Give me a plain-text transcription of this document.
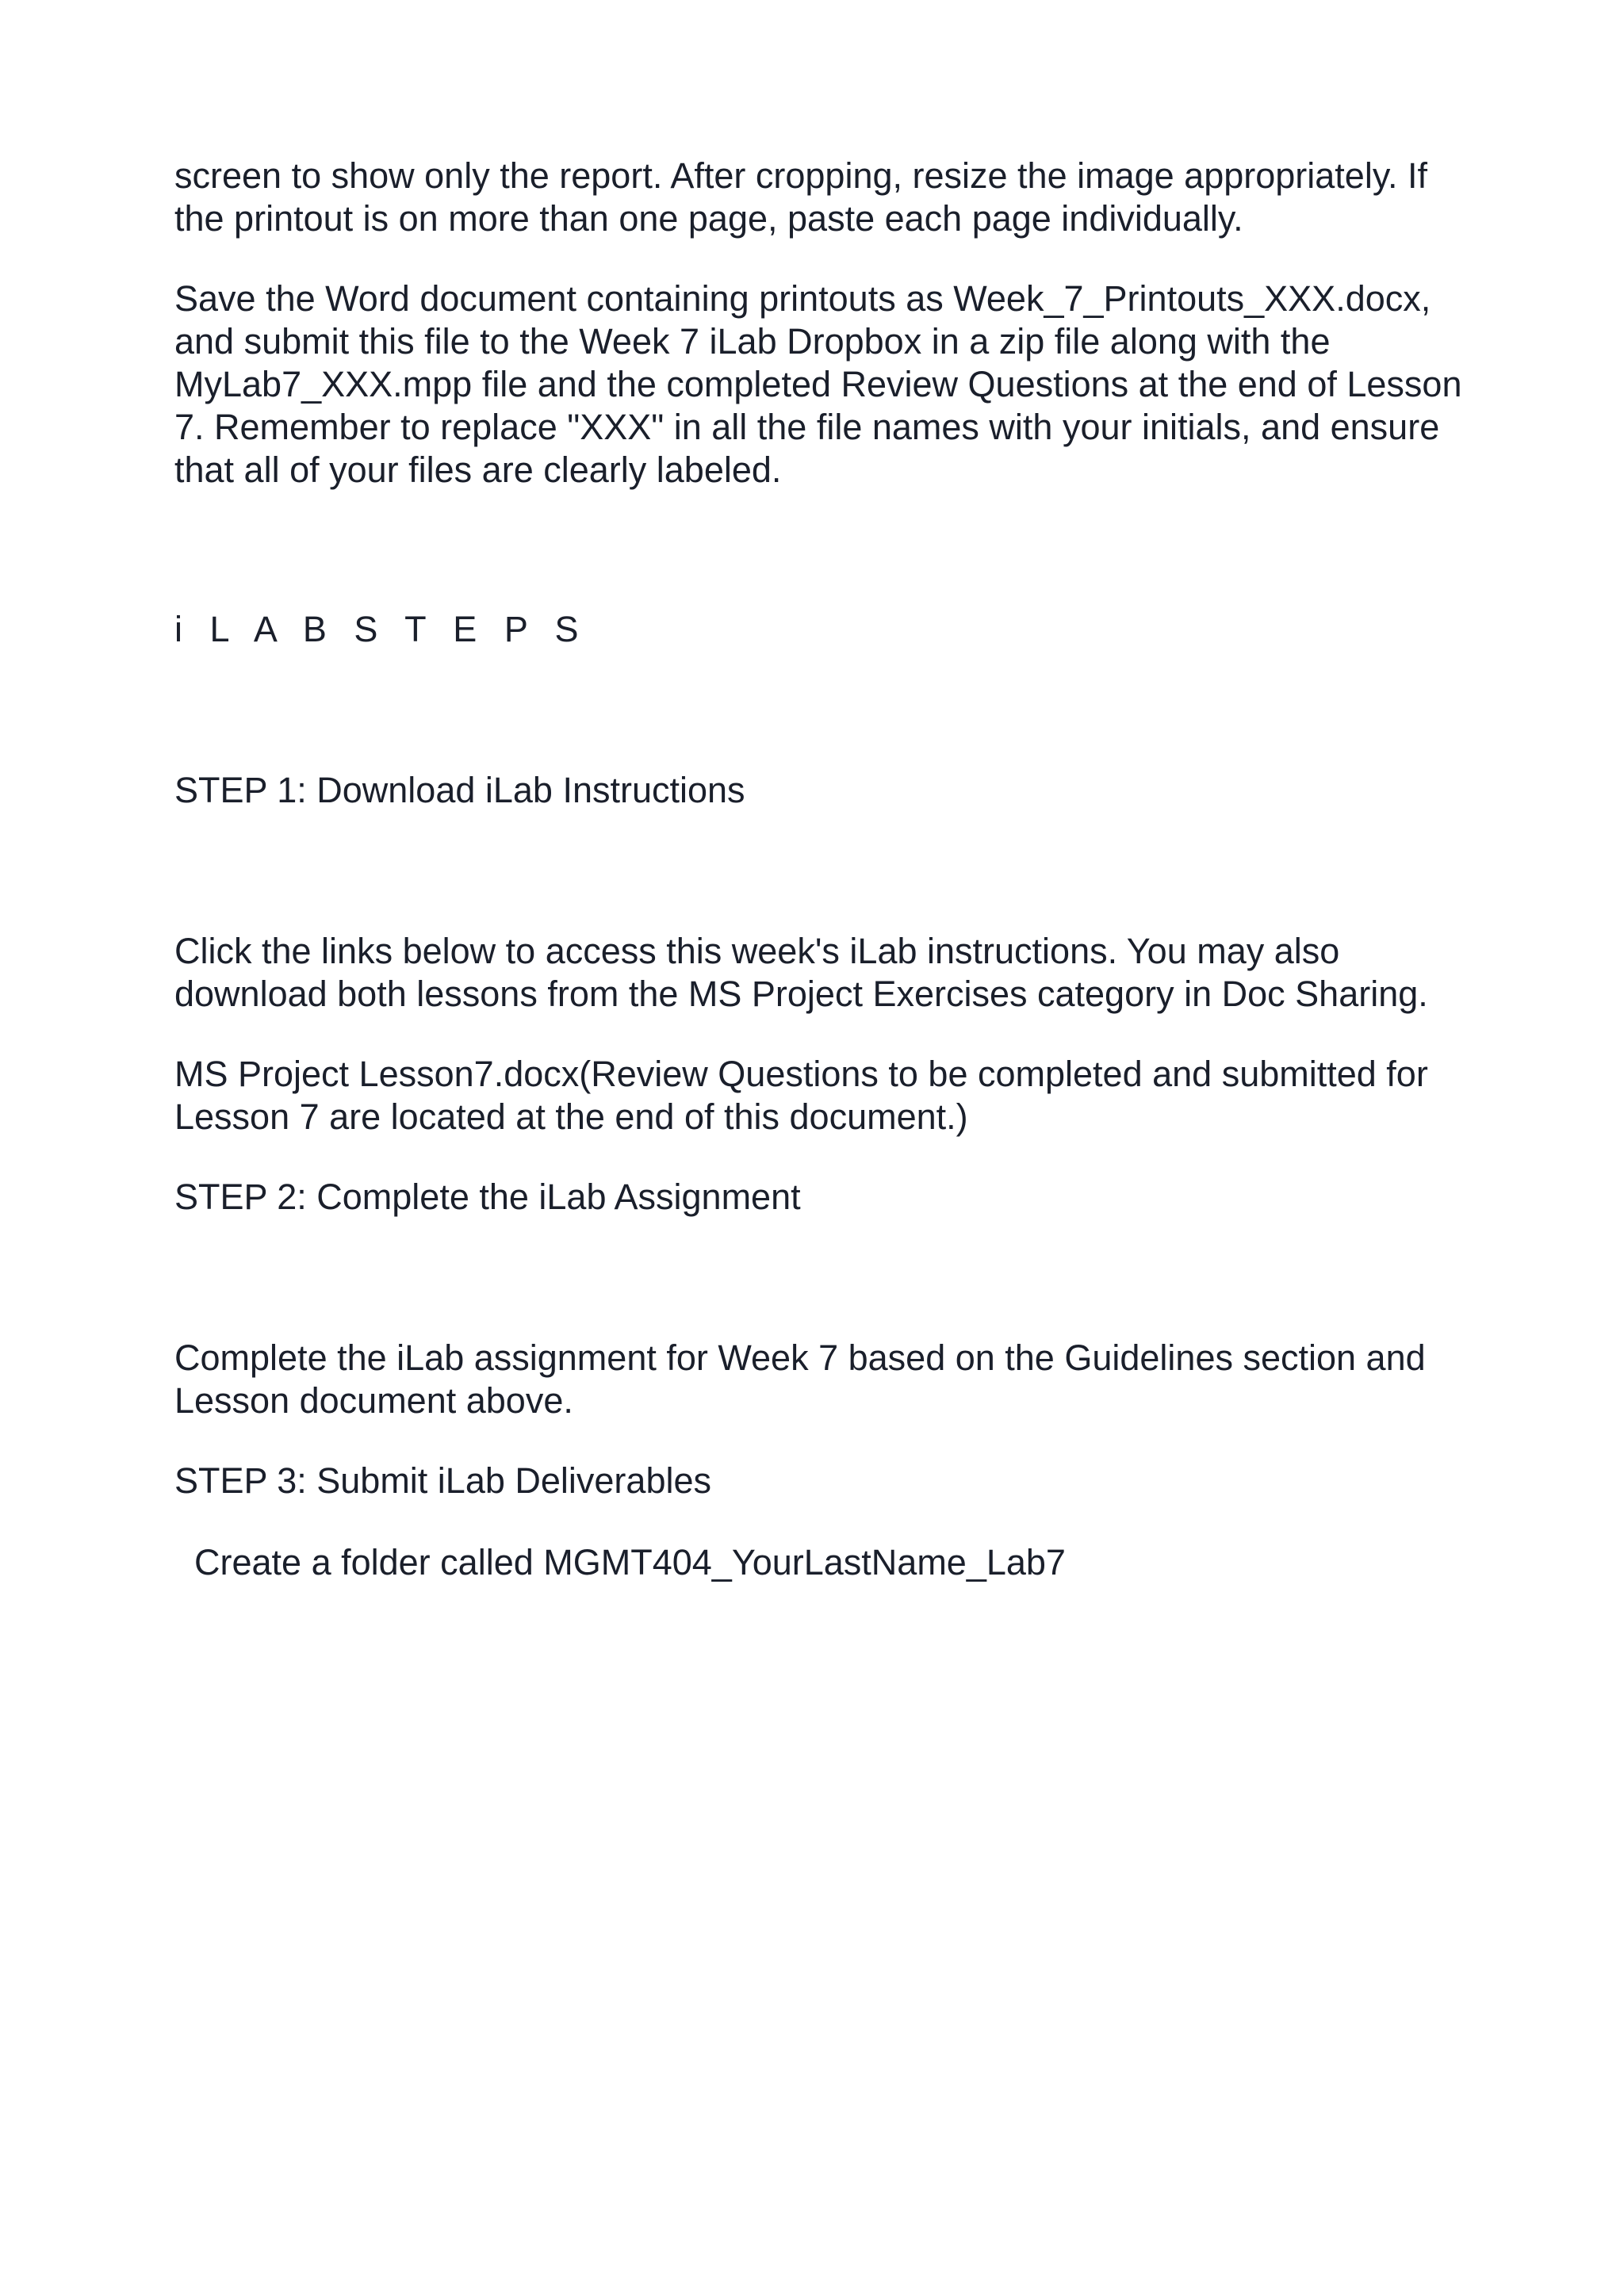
screen to show only the report. After cropping, resize the image appropriately. If
the printout is on more than one page, paste each page individually.

Save the Word document containing printouts as Week_7_Printouts_XXX.docx,
and submit this file to the Week 7 iLab Dropbox in a zip file along with the
MyLab7_XXX.mpp file and the completed Review Questions at the end of Lesson
7. Remember to replace "XXX" in all the file names with your initials, and ensure
that all of your files are clearly labeled.

i L A B S T E P S

STEP 1: Download iLab Instructions

Click the links below to access this week's iLab instructions. You may also
download both lessons from the MS Project Exercises category in Doc Sharing.

MS Project Lesson7.docx(Review Questions to be completed and submitted for
Lesson 7 are located at the end of this document.)

STEP 2: Complete the iLab Assignment

Complete the iLab assignment for Week 7 based on the Guidelines section and
Lesson document above.

STEP 3: Submit iLab Deliverables

Create a folder called MGMT404_YourLastName_Lab7
